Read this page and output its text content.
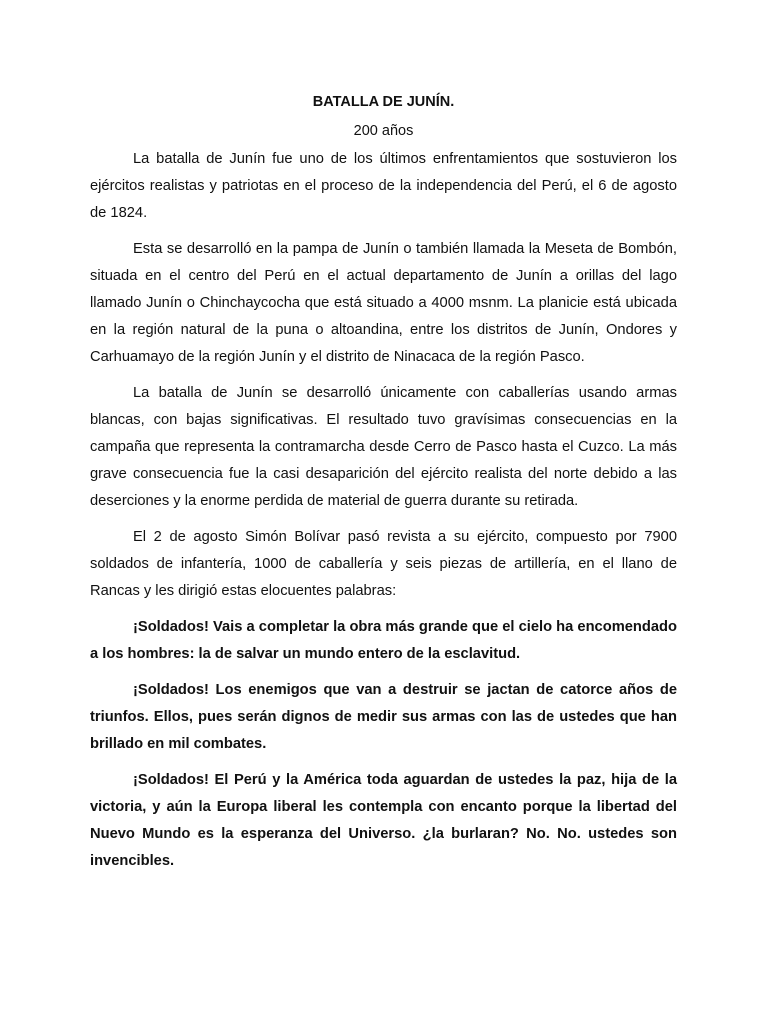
BATALLA DE JUNÍN.

200 años

La batalla de Junín fue uno de los últimos enfrentamientos que sostuvieron los ejércitos realistas y patriotas en el proceso de la independencia del Perú, el 6 de agosto de 1824.

Esta se desarrolló en la pampa de Junín o también llamada la Meseta de Bombón, situada en el centro del Perú en el actual departamento de Junín a orillas del lago llamado Junín o Chinchaycocha que está situado a 4000 msnm. La planicie está ubicada en la región natural de la puna o altoandina, entre los distritos de Junín, Ondores y Carhuamayo de la región Junín y el distrito de Ninacaca de la región Pasco.

La batalla de Junín se desarrolló únicamente con caballerías usando armas blancas, con bajas significativas. El resultado tuvo gravísimas consecuencias en la campaña que representa la contramarcha desde Cerro de Pasco hasta el Cuzco. La más grave consecuencia fue la casi desaparición del ejército realista del norte debido a las deserciones y la enorme perdida de material de guerra durante su retirada.

El 2 de agosto Simón Bolívar pasó revista a su ejército, compuesto por 7900 soldados de infantería, 1000 de caballería y seis piezas de artillería, en el llano de Rancas y les dirigió estas elocuentes palabras:

¡Soldados! Vais a completar la obra más grande que el cielo ha encomendado a los hombres: la de salvar un mundo entero de la esclavitud.

¡Soldados! Los enemigos que van a destruir se jactan de catorce años de triunfos. Ellos, pues serán dignos de medir sus armas con las de ustedes que han brillado en mil combates.

¡Soldados! El Perú y la América toda aguardan de ustedes la paz, hija de la victoria, y aún la Europa liberal les contempla con encanto porque la libertad del Nuevo Mundo es la esperanza del Universo. ¿la burlaran? No. No. ustedes son invencibles.
